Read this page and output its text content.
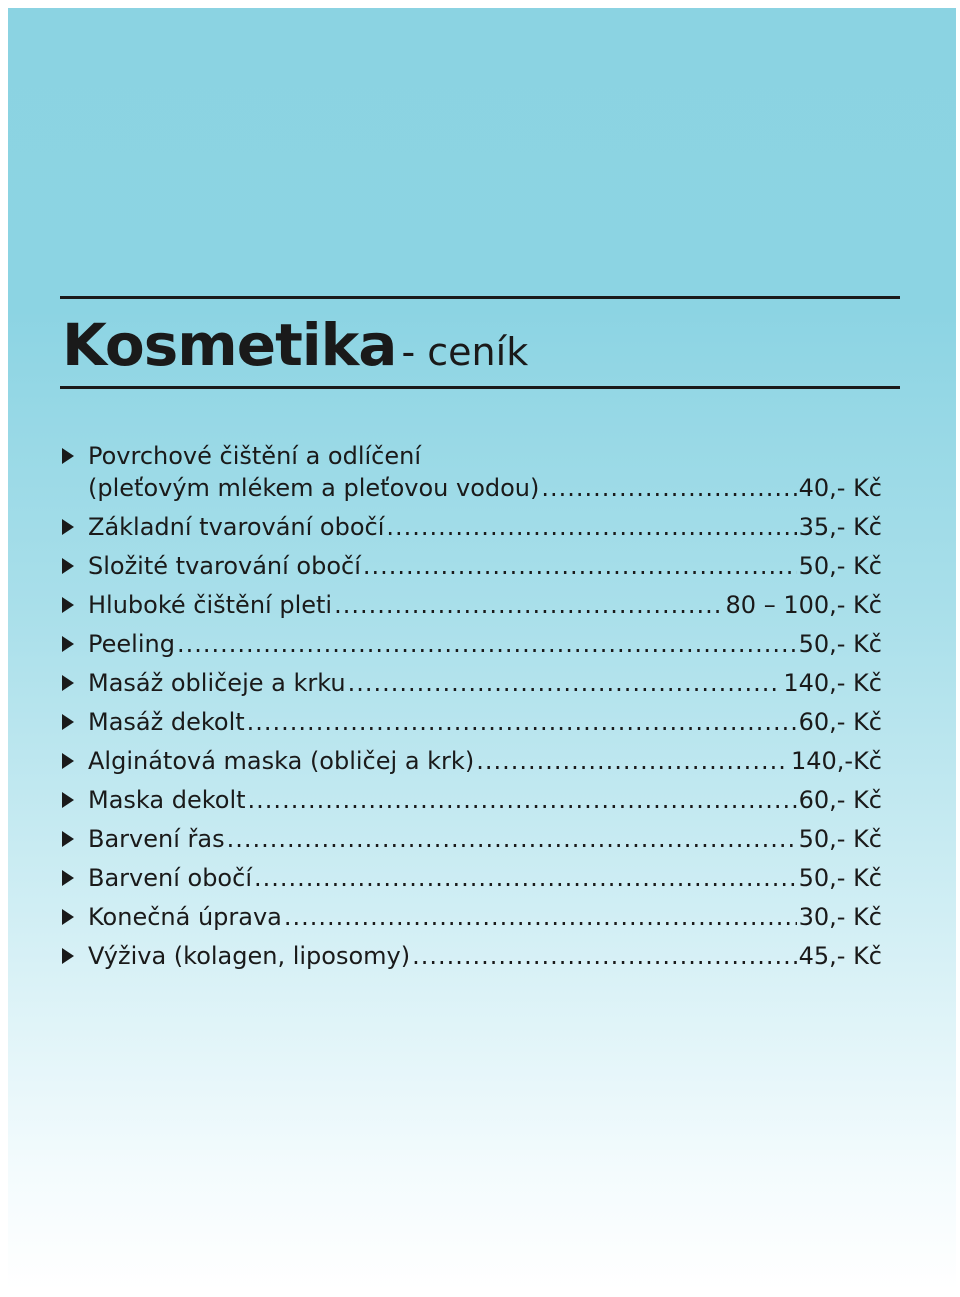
Kosmetika - ceník
Povrchové čištění a odlíčení
(pleťovým mlékem a pleťovou vodou) .....	40,- Kč
Základní tvarování obočí .....	35,- Kč
Složité tvarování obočí .....	50,- Kč
Hluboké čištění pleti .....	80 – 100,- Kč
Peeling .....	50,- Kč
Masáž obličeje a krku .....	140,- Kč
Masáž dekolt .....	60,- Kč
Alginátová maska (obličej a krk) .....	140,-Kč
Maska dekolt .....	60,- Kč
Barvení řas .....	50,- Kč
Barvení obočí .....	50,- Kč
Konečná úprava .....	30,- Kč
Výživa (kolagen, liposomy) .....	45,- Kč
